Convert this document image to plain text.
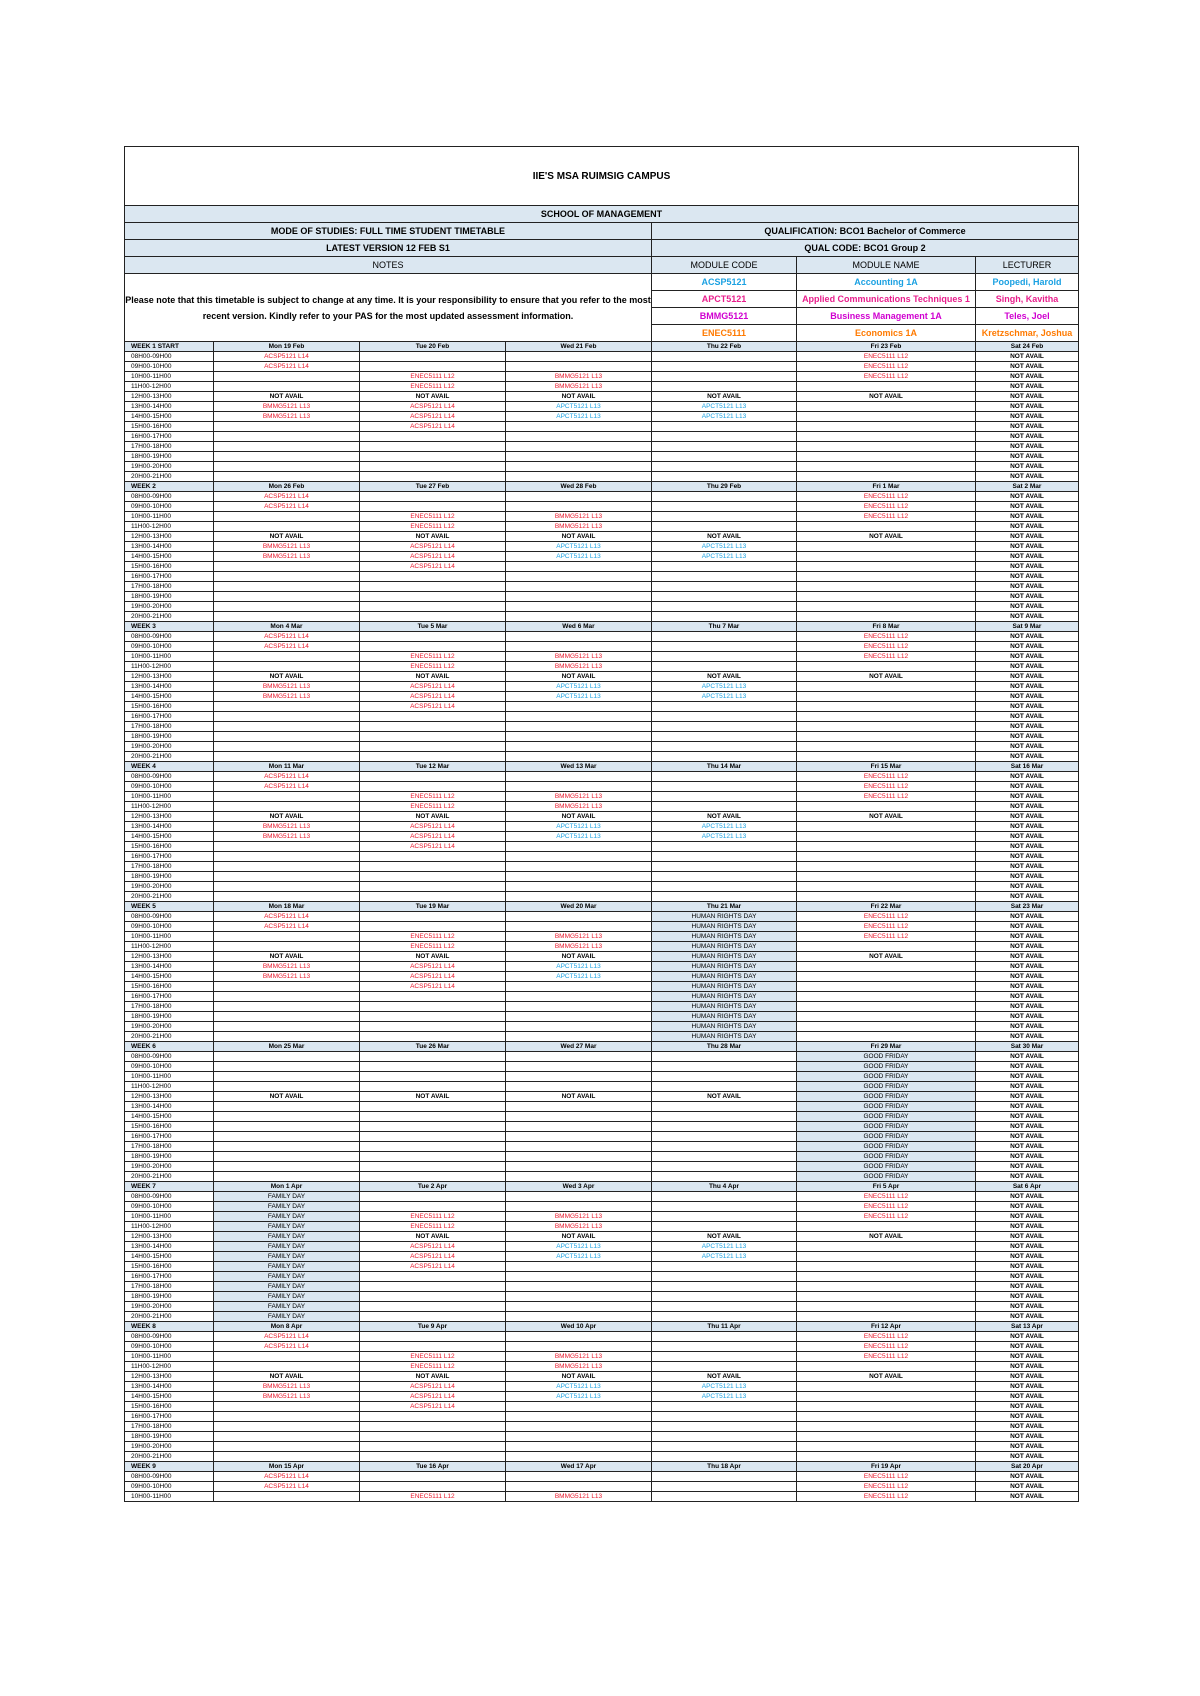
IIE'S MSA RUIMSIG CAMPUS						
SCHOOL OF MANAGEMENT						
MODE OF STUDIES: FULL TIME STUDENT TIMETABLE				QUALIFICATION: BCO1 Bachelor of Commerce		
LATEST VERSION 12 FEB S1				QUAL CODE: BCO1 Group 2		
NOTES				MODULE CODE	MODULE NAME	LECTURER
Please note that this timetable is subject to change at any time. It is your responsibility to ensure that you refer to the most recent version. Kindly refer to your PAS for the most updated assessment information.				ACSP5121	Accounting 1A	Poopedi, Harold
				APCT5121	Applied Communications Techniques 1	Singh, Kavitha
				BMMG5121	Business Management 1A	Teles, Joel
				ENEC5111	Economics 1A	Kretzschmar, Joshua
WEEK 1 START	Mon 19 Feb	Tue 20 Feb	Wed 21 Feb	Thu 22 Feb	Fri 23 Feb	Sat 24 Feb
08H00-09H00	ACSP5121 L14				ENEC5111 L12	NOT AVAIL
09H00-10H00	ACSP5121 L14				ENEC5111 L12	NOT AVAIL
10H00-11H00		ENEC5111 L12	BMMG5121 L13		ENEC5111 L12	NOT AVAIL
11H00-12H00		ENEC5111 L12	BMMG5121 L13			NOT AVAIL
12H00-13H00	NOT AVAIL	NOT AVAIL	NOT AVAIL	NOT AVAIL	NOT AVAIL	NOT AVAIL
13H00-14H00	BMMG5121 L13	ACSP5121 L14	APCT5121 L13	APCT5121 L13		NOT AVAIL
14H00-15H00	BMMG5121 L13	ACSP5121 L14	APCT5121 L13	APCT5121 L13		NOT AVAIL
15H00-16H00		ACSP5121 L14				NOT AVAIL
16H00-17H00						NOT AVAIL
17H00-18H00						NOT AVAIL
18H00-19H00						NOT AVAIL
19H00-20H00						NOT AVAIL
20H00-21H00						NOT AVAIL
WEEK 2	Mon 26 Feb	Tue 27 Feb	Wed 28 Feb	Thu 29 Feb	Fri 1 Mar	Sat 2 Mar
08H00-09H00	ACSP5121 L14				ENEC5111 L12	NOT AVAIL
09H00-10H00	ACSP5121 L14				ENEC5111 L12	NOT AVAIL
10H00-11H00		ENEC5111 L12	BMMG5121 L13		ENEC5111 L12	NOT AVAIL
11H00-12H00		ENEC5111 L12	BMMG5121 L13			NOT AVAIL
12H00-13H00	NOT AVAIL	NOT AVAIL	NOT AVAIL	NOT AVAIL	NOT AVAIL	NOT AVAIL
13H00-14H00	BMMG5121 L13	ACSP5121 L14	APCT5121 L13	APCT5121 L13		NOT AVAIL
14H00-15H00	BMMG5121 L13	ACSP5121 L14	APCT5121 L13	APCT5121 L13		NOT AVAIL
15H00-16H00		ACSP5121 L14				NOT AVAIL
16H00-17H00						NOT AVAIL
17H00-18H00						NOT AVAIL
18H00-19H00						NOT AVAIL
19H00-20H00						NOT AVAIL
20H00-21H00						NOT AVAIL
WEEK 3	Mon 4 Mar	Tue 5 Mar	Wed 6 Mar	Thu 7 Mar	Fri 8 Mar	Sat 9 Mar
08H00-09H00	ACSP5121 L14				ENEC5111 L12	NOT AVAIL
09H00-10H00	ACSP5121 L14				ENEC5111 L12	NOT AVAIL
10H00-11H00		ENEC5111 L12	BMMG5121 L13		ENEC5111 L12	NOT AVAIL
11H00-12H00		ENEC5111 L12	BMMG5121 L13			NOT AVAIL
12H00-13H00	NOT AVAIL	NOT AVAIL	NOT AVAIL	NOT AVAIL	NOT AVAIL	NOT AVAIL
13H00-14H00	BMMG5121 L13	ACSP5121 L14	APCT5121 L13	APCT5121 L13		NOT AVAIL
14H00-15H00	BMMG5121 L13	ACSP5121 L14	APCT5121 L13	APCT5121 L13		NOT AVAIL
15H00-16H00		ACSP5121 L14				NOT AVAIL
16H00-17H00						NOT AVAIL
17H00-18H00						NOT AVAIL
18H00-19H00						NOT AVAIL
19H00-20H00						NOT AVAIL
20H00-21H00						NOT AVAIL
WEEK 4	Mon 11 Mar	Tue 12 Mar	Wed 13 Mar	Thu 14 Mar	Fri 15 Mar	Sat 16 Mar
08H00-09H00	ACSP5121 L14				ENEC5111 L12	NOT AVAIL
09H00-10H00	ACSP5121 L14				ENEC5111 L12	NOT AVAIL
10H00-11H00		ENEC5111 L12	BMMG5121 L13		ENEC5111 L12	NOT AVAIL
11H00-12H00		ENEC5111 L12	BMMG5121 L13			NOT AVAIL
12H00-13H00	NOT AVAIL	NOT AVAIL	NOT AVAIL	NOT AVAIL	NOT AVAIL	NOT AVAIL
13H00-14H00	BMMG5121 L13	ACSP5121 L14	APCT5121 L13	APCT5121 L13		NOT AVAIL
14H00-15H00	BMMG5121 L13	ACSP5121 L14	APCT5121 L13	APCT5121 L13		NOT AVAIL
15H00-16H00		ACSP5121 L14				NOT AVAIL
16H00-17H00						NOT AVAIL
17H00-18H00						NOT AVAIL
18H00-19H00						NOT AVAIL
19H00-20H00						NOT AVAIL
20H00-21H00						NOT AVAIL
WEEK 5	Mon 18 Mar	Tue 19 Mar	Wed 20 Mar	Thu 21 Mar	Fri 22 Mar	Sat 23 Mar
08H00-09H00	ACSP5121 L14			HUMAN RIGHTS DAY	ENEC5111 L12	NOT AVAIL
09H00-10H00	ACSP5121 L14			HUMAN RIGHTS DAY	ENEC5111 L12	NOT AVAIL
10H00-11H00		ENEC5111 L12	BMMG5121 L13	HUMAN RIGHTS DAY	ENEC5111 L12	NOT AVAIL
11H00-12H00		ENEC5111 L12	BMMG5121 L13	HUMAN RIGHTS DAY		NOT AVAIL
12H00-13H00	NOT AVAIL	NOT AVAIL	NOT AVAIL	HUMAN RIGHTS DAY	NOT AVAIL	NOT AVAIL
13H00-14H00	BMMG5121 L13	ACSP5121 L14	APCT5121 L13	HUMAN RIGHTS DAY		NOT AVAIL
14H00-15H00	BMMG5121 L13	ACSP5121 L14	APCT5121 L13	HUMAN RIGHTS DAY		NOT AVAIL
15H00-16H00		ACSP5121 L14		HUMAN RIGHTS DAY		NOT AVAIL
16H00-17H00				HUMAN RIGHTS DAY		NOT AVAIL
17H00-18H00				HUMAN RIGHTS DAY		NOT AVAIL
18H00-19H00				HUMAN RIGHTS DAY		NOT AVAIL
19H00-20H00				HUMAN RIGHTS DAY		NOT AVAIL
20H00-21H00				HUMAN RIGHTS DAY		NOT AVAIL
WEEK 6	Mon 25 Mar	Tue 26 Mar	Wed 27 Mar	Thu 28 Mar	Fri 29 Mar	Sat 30 Mar
08H00-09H00					GOOD FRIDAY	NOT AVAIL
09H00-10H00					GOOD FRIDAY	NOT AVAIL
10H00-11H00					GOOD FRIDAY	NOT AVAIL
11H00-12H00					GOOD FRIDAY	NOT AVAIL
12H00-13H00	NOT AVAIL	NOT AVAIL	NOT AVAIL	NOT AVAIL	GOOD FRIDAY	NOT AVAIL
13H00-14H00					GOOD FRIDAY	NOT AVAIL
14H00-15H00					GOOD FRIDAY	NOT AVAIL
15H00-16H00					GOOD FRIDAY	NOT AVAIL
16H00-17H00					GOOD FRIDAY	NOT AVAIL
17H00-18H00					GOOD FRIDAY	NOT AVAIL
18H00-19H00					GOOD FRIDAY	NOT AVAIL
19H00-20H00					GOOD FRIDAY	NOT AVAIL
20H00-21H00					GOOD FRIDAY	NOT AVAIL
WEEK 7	Mon 1 Apr	Tue 2 Apr	Wed 3 Apr	Thu 4 Apr	Fri 5 Apr	Sat 6 Apr
08H00-09H00	FAMILY DAY				ENEC5111 L12	NOT AVAIL
09H00-10H00	FAMILY DAY				ENEC5111 L12	NOT AVAIL
10H00-11H00	FAMILY DAY	ENEC5111 L12	BMMG5121 L13		ENEC5111 L12	NOT AVAIL
11H00-12H00	FAMILY DAY	ENEC5111 L12	BMMG5121 L13			NOT AVAIL
12H00-13H00	FAMILY DAY	NOT AVAIL	NOT AVAIL	NOT AVAIL	NOT AVAIL	NOT AVAIL
13H00-14H00	FAMILY DAY	ACSP5121 L14	APCT5121 L13	APCT5121 L13		NOT AVAIL
14H00-15H00	FAMILY DAY	ACSP5121 L14	APCT5121 L13	APCT5121 L13		NOT AVAIL
15H00-16H00	FAMILY DAY	ACSP5121 L14				NOT AVAIL
16H00-17H00	FAMILY DAY					NOT AVAIL
17H00-18H00	FAMILY DAY					NOT AVAIL
18H00-19H00	FAMILY DAY					NOT AVAIL
19H00-20H00	FAMILY DAY					NOT AVAIL
20H00-21H00	FAMILY DAY					NOT AVAIL
WEEK 8	Mon 8 Apr	Tue 9 Apr	Wed 10 Apr	Thu 11 Apr	Fri 12 Apr	Sat 13 Apr
08H00-09H00	ACSP5121 L14				ENEC5111 L12	NOT AVAIL
09H00-10H00	ACSP5121 L14				ENEC5111 L12	NOT AVAIL
10H00-11H00		ENEC5111 L12	BMMG5121 L13		ENEC5111 L12	NOT AVAIL
11H00-12H00		ENEC5111 L12	BMMG5121 L13			NOT AVAIL
12H00-13H00	NOT AVAIL	NOT AVAIL	NOT AVAIL	NOT AVAIL	NOT AVAIL	NOT AVAIL
13H00-14H00	BMMG5121 L13	ACSP5121 L14	APCT5121 L13	APCT5121 L13		NOT AVAIL
14H00-15H00	BMMG5121 L13	ACSP5121 L14	APCT5121 L13	APCT5121 L13		NOT AVAIL
15H00-16H00		ACSP5121 L14				NOT AVAIL
16H00-17H00						NOT AVAIL
17H00-18H00						NOT AVAIL
18H00-19H00						NOT AVAIL
19H00-20H00						NOT AVAIL
20H00-21H00						NOT AVAIL
WEEK 9	Mon 15 Apr	Tue 16 Apr	Wed 17 Apr	Thu 18 Apr	Fri 19 Apr	Sat 20 Apr
08H00-09H00	ACSP5121 L14				ENEC5111 L12	NOT AVAIL
09H00-10H00	ACSP5121 L14				ENEC5111 L12	NOT AVAIL
10H00-11H00		ENEC5111 L12	BMMG5121 L13		ENEC5111 L12	NOT AVAIL
